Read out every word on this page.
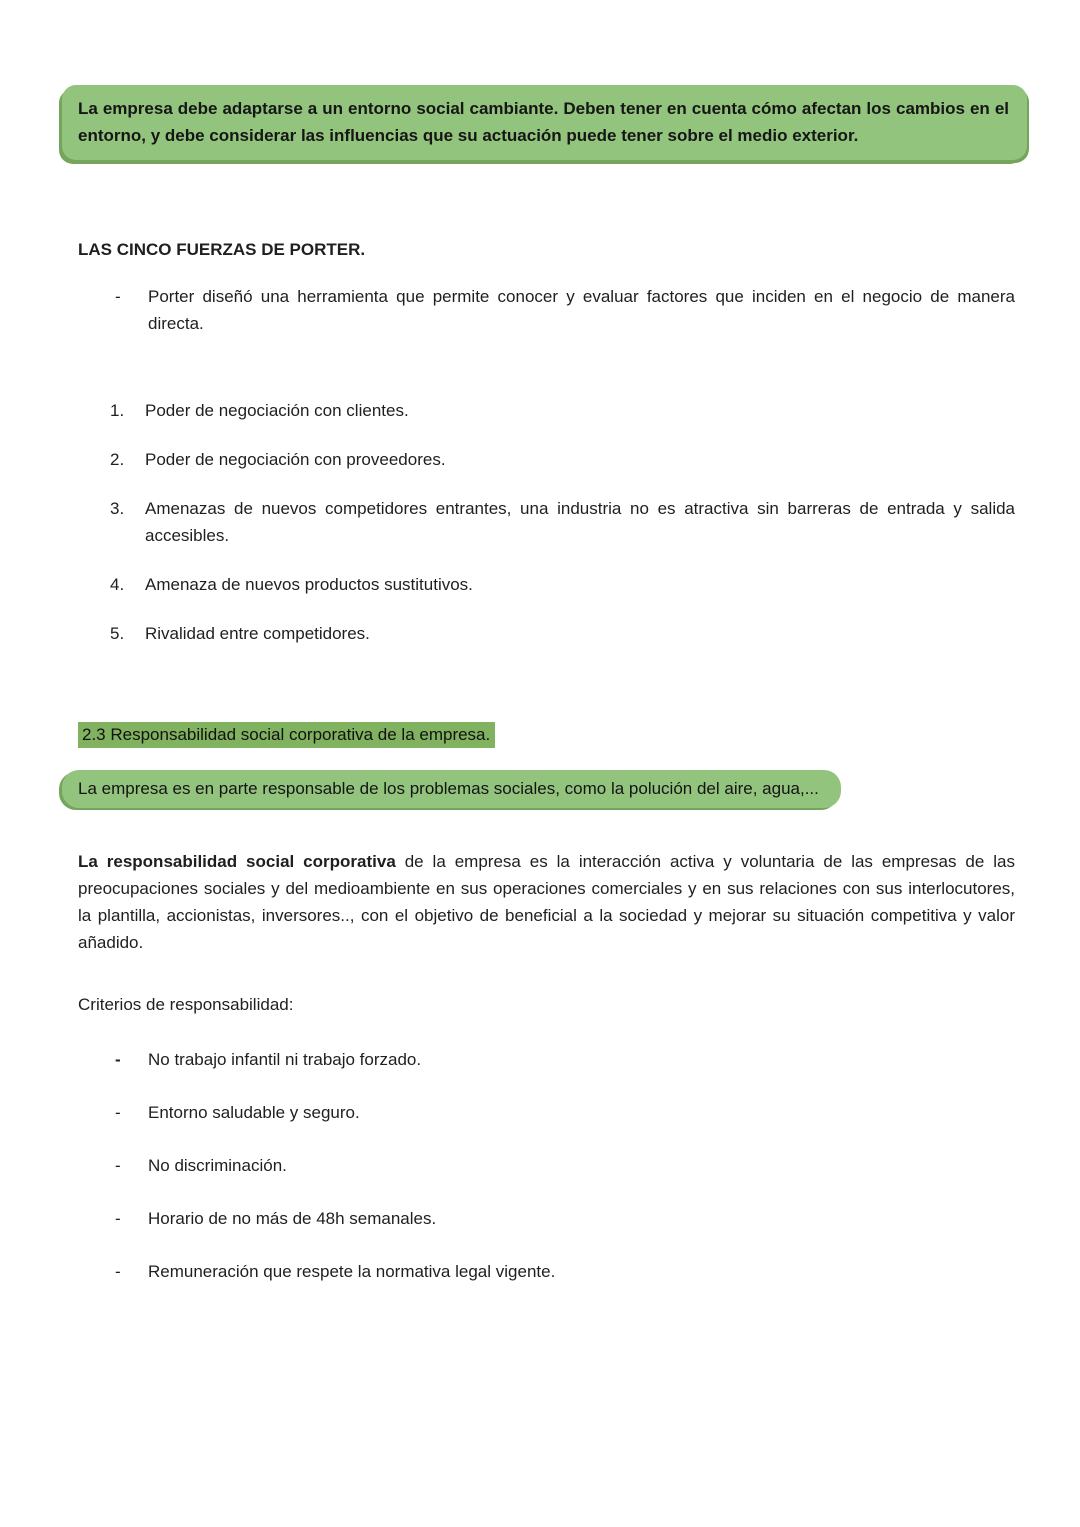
La empresa debe adaptarse a un entorno social cambiante. Deben tener en cuenta cómo afectan los cambios en el entorno, y debe considerar las influencias que su actuación puede tener sobre el medio exterior.
LAS CINCO FUERZAS DE PORTER.
-	Porter diseñó una herramienta que permite conocer y evaluar factores que inciden en el negocio de manera directa.

1.	Poder de negociación con clientes.

2.	Poder de negociación con proveedores.

3.	Amenazas de nuevos competidores entrantes, una industria no es atractiva sin barreras de entrada y salida accesibles.

4.	Amenaza de nuevos productos sustitutivos.

5.	Rivalidad entre competidores.

2.3 Responsabilidad social corporativa de la empresa.
La empresa es en parte responsable de los problemas sociales, como la polución del aire, agua,...

La responsabilidad social corporativa de la empresa es la interacción activa y voluntaria de las empresas de las preocupaciones sociales y del medioambiente en sus operaciones comerciales y en sus relaciones con sus interlocutores, la plantilla, accionistas, inversores.., con el objetivo de beneficial a la sociedad y mejorar su situación competitiva y valor añadido.

Criterios de responsabilidad:

-	No trabajo infantil ni trabajo forzado.

-	Entorno saludable y seguro.

-	No discriminación.

-	Horario de no más de 48h semanales.

-	Remuneración que respete la normativa legal vigente.
